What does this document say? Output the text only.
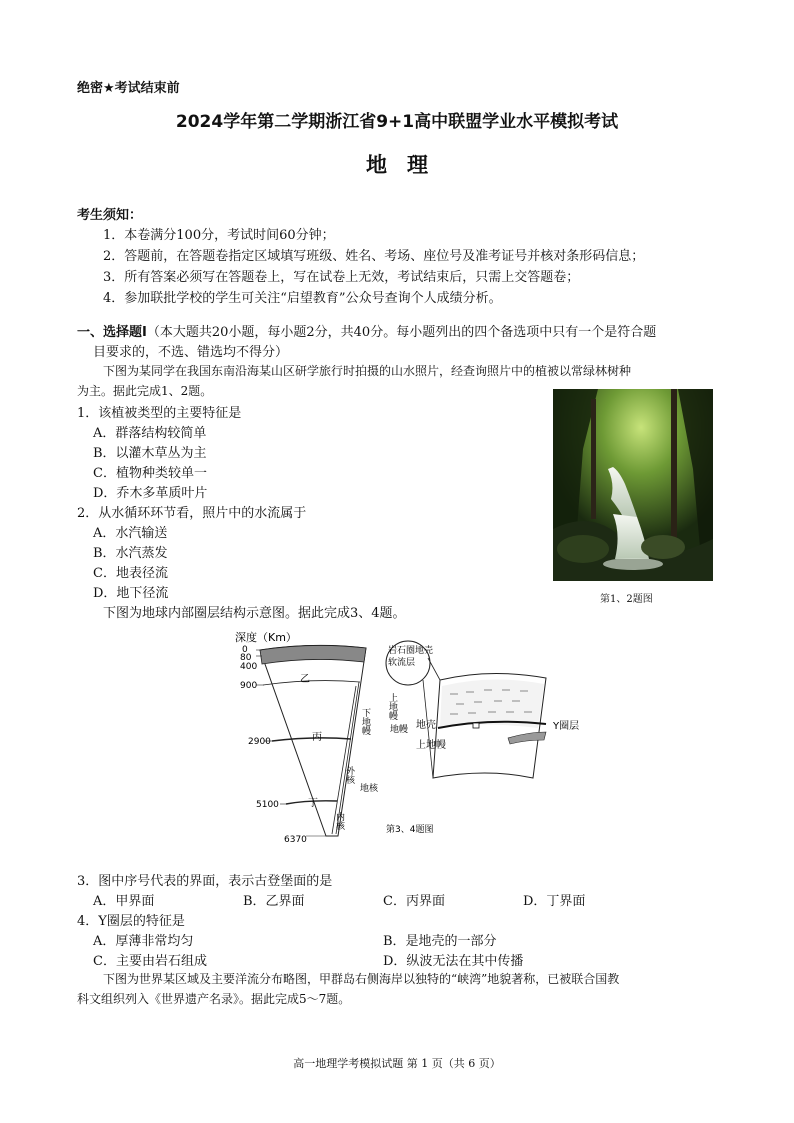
绝密★考试结束前
2024学年第二学期浙江省9+1高中联盟学业水平模拟考试
地理
考生须知：
1．本卷满分100分，考试时间60分钟；
2．答题前，在答题卷指定区域填写班级、姓名、考场、座位号及准考证号并核对条形码信息；
3．所有答案必须写在答题卷上，写在试卷上无效，考试结束后，只需上交答题卷；
4．参加联批学校的学生可关注“启望教育”公众号查询个人成绩分析。
一、选择题Ⅰ（本大题共20小题，每小题2分，共40分。每小题列出的四个备选项中只有一个是符合题
目要求的，不选、错选均不得分）
下图为某同学在我国东南沿海某山区研学旅行时拍摄的山水照片，经查询照片中的植被以常绿林树种
为主。据此完成1、2题。
1．该植被类型的主要特征是
A．群落结构较简单
B．以灌木草丛为主
C．植物种类较单一
D．乔木多革质叶片
2．从水循环环节看，照片中的水流属于
A．水汽输送
B．水汽蒸发
C．地表径流
D．地下径流	第1、2题图
下图为地球内部圈层结构示意图。据此完成3、4题。
深度（Km）
0
80
400
900
2900
5100
6370
乙
丙
丁
岩石圈 地壳
软流层
上地幔
下地幔 地幔
外核
地核
内核
地壳
上地幔
Y圈层
第3、4题图
3．图中序号代表的界面，表示古登堡面的是
A．甲界面	B．乙界面	C．丙界面	D．丁界面
4．Y圈层的特征是
A．厚薄非常均匀	B．是地壳的一部分
C．主要由岩石组成	D．纵波无法在其中传播
下图为世界某区域及主要洋流分布略图，甲群岛右侧海岸以独特的“峡湾”地貌著称，已被联合国教
科文组织列入《世界遗产名录》。据此完成5～7题。
高一地理学考模拟试题 第 1 页（共 6 页）
